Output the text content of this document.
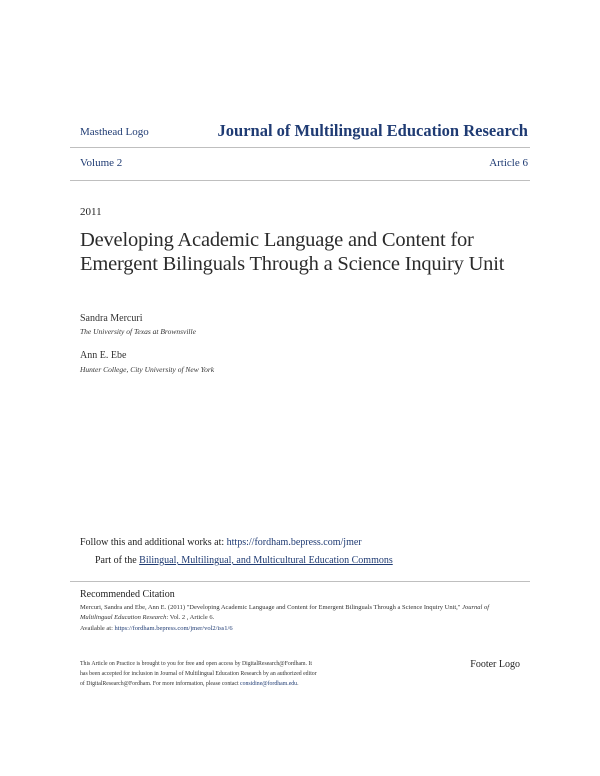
Masthead Logo	Journal of Multilingual Education Research
Volume 2	Article 6
2011
Developing Academic Language and Content for Emergent Bilinguals Through a Science Inquiry Unit
Sandra Mercuri
The University of Texas at Brownsville
Ann E. Ebe
Hunter College, City University of New York
Follow this and additional works at: https://fordham.bepress.com/jmer
Part of the Bilingual, Multilingual, and Multicultural Education Commons
Recommended Citation
Mercuri, Sandra and Ebe, Ann E. (2011) "Developing Academic Language and Content for Emergent Bilinguals Through a Science Inquiry Unit," Journal of Multilingual Education Research: Vol. 2 , Article 6.
Available at: https://fordham.bepress.com/jmer/vol2/iss1/6
This Article on Practice is brought to you for free and open access by DigitalResearch@Fordham. It has been accepted for inclusion in Journal of Multilingual Education Research by an authorized editor of DigitalResearch@Fordham. For more information, please contact considine@fordham.edu.
Footer Logo
